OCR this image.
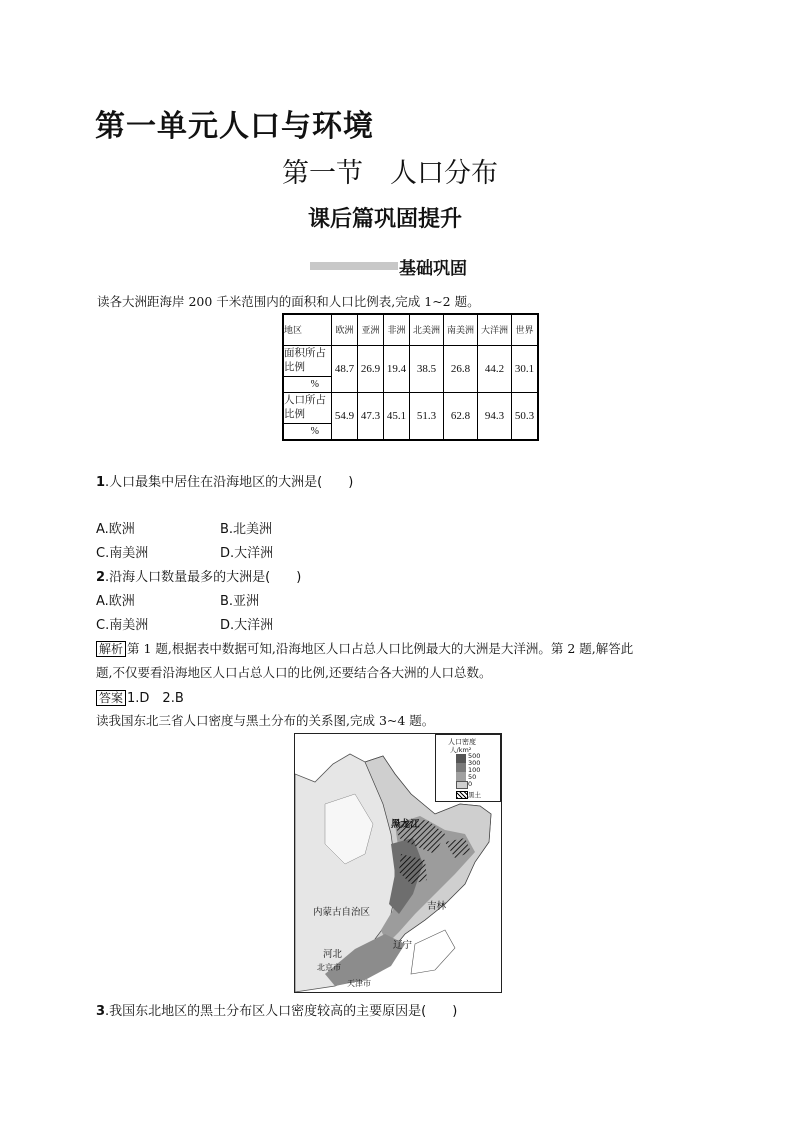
第一单元人口与环境
第一节　人口分布
课后篇巩固提升
基础巩固
读各大洲距海岸 200 千米范围内的面积和人口比例表,完成 1~2 题。
地区	欧洲	亚洲	非洲	北美洲	南美洲	大洋洲	世界
面积所占比例	48.7	26.9	19.4	38.5	26.8	44.2	30.1
%							
人口所占比例	54.9	47.3	45.1	51.3	62.8	94.3	50.3
%							
1.人口最集中居住在沿海地区的大洲是(　　)
A.欧洲	B.北美洲
C.南美洲	D.大洋洲
2.沿海人口数量最多的大洲是(　　)
A.欧洲	B.亚洲
C.南美洲	D.大洋洲
解析 第 1 题,根据表中数据可知,沿海地区人口占总人口比例最大的大洲是大洋洲。第 2 题,解答此
题,不仅要看沿海地区人口占总人口的比例,还要结合各大洲的人口总数。
答案 1.D　2.B
读我国东北三省人口密度与黑土分布的关系图,完成 3~4 题。
黑龙江
吉林
内蒙古自治区
辽宁
河北
北京市
天津市
人口密度
人/km²
500
300
100
50
0
黑土
3.我国东北地区的黑土分布区人口密度较高的主要原因是(　　)
